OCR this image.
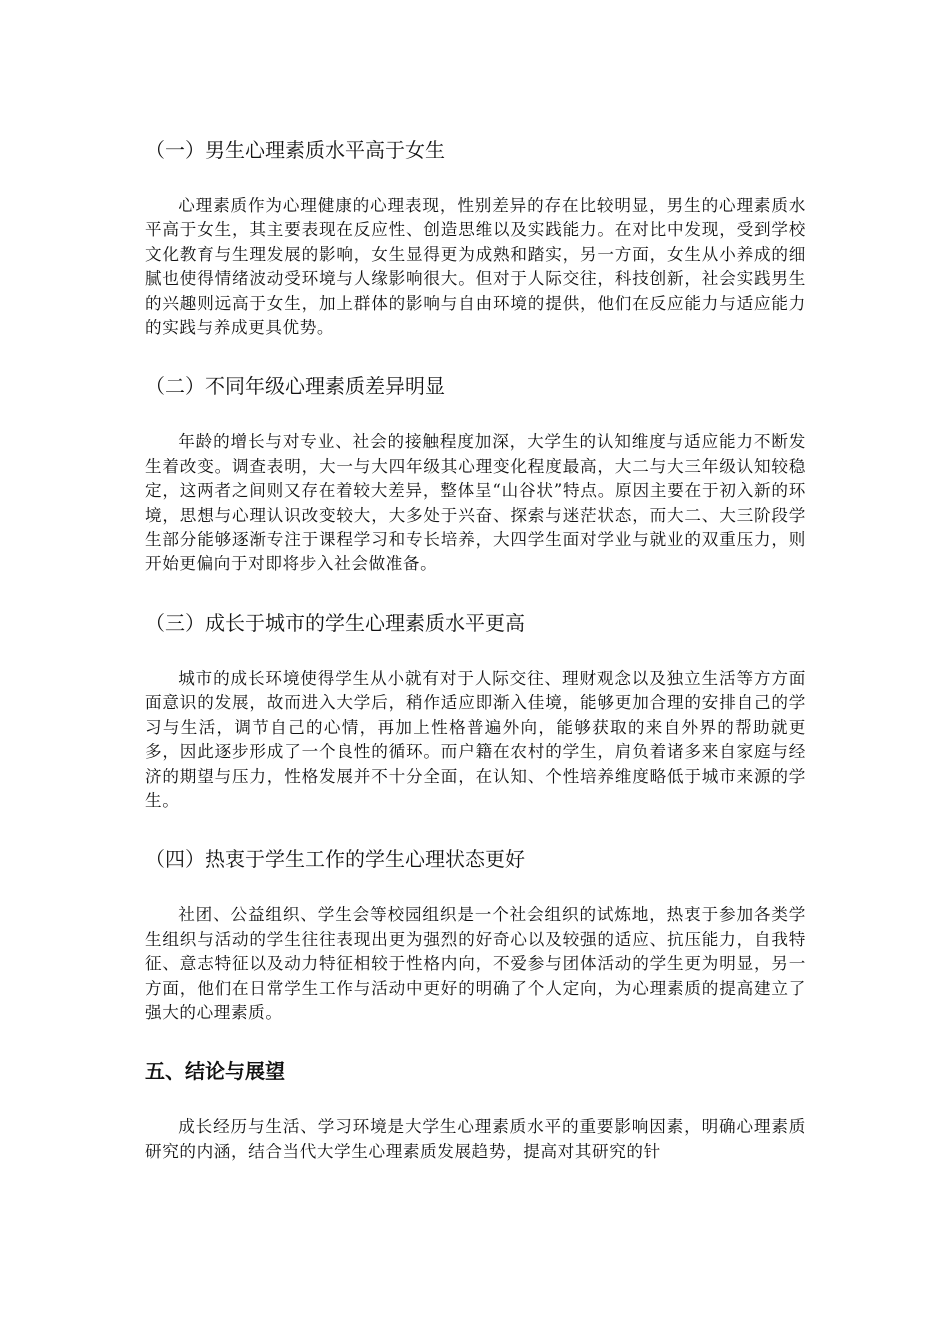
（一）男生心理素质水平高于女生

心理素质作为心理健康的心理表现，性别差异的存在比较明显，男生的心理素质水平高于女生，其主要表现在反应性、创造思维以及实践能力。在对比中发现，受到学校文化教育与生理发展的影响，女生显得更为成熟和踏实，另一方面，女生从小养成的细腻也使得情绪波动受环境与人缘影响很大。但对于人际交往，科技创新，社会实践男生的兴趣则远高于女生，加上群体的影响与自由环境的提供，他们在反应能力与适应能力的实践与养成更具优势。

（二）不同年级心理素质差异明显

年龄的增长与对专业、社会的接触程度加深，大学生的认知维度与适应能力不断发生着改变。调查表明，大一与大四年级其心理变化程度最高，大二与大三年级认知较稳定，这两者之间则又存在着较大差异，整体呈“山谷状”特点。原因主要在于初入新的环境，思想与心理认识改变较大，大多处于兴奋、探索与迷茫状态，而大二、大三阶段学生部分能够逐渐专注于课程学习和专长培养，大四学生面对学业与就业的双重压力，则开始更偏向于对即将步入社会做准备。

（三）成长于城市的学生心理素质水平更高

城市的成长环境使得学生从小就有对于人际交往、理财观念以及独立生活等方方面面意识的发展，故而进入大学后，稍作适应即渐入佳境，能够更加合理的安排自己的学习与生活，调节自己的心情，再加上性格普遍外向，能够获取的来自外界的帮助就更多，因此逐步形成了一个良性的循环。而户籍在农村的学生，肩负着诸多来自家庭与经济的期望与压力，性格发展并不十分全面，在认知、个性培养维度略低于城市来源的学生。

（四）热衷于学生工作的学生心理状态更好

社团、公益组织、学生会等校园组织是一个社会组织的试炼地，热衷于参加各类学生组织与活动的学生往往表现出更为强烈的好奇心以及较强的适应、抗压能力，自我特征、意志特征以及动力特征相较于性格内向，不爱参与团体活动的学生更为明显，另一方面，他们在日常学生工作与活动中更好的明确了个人定向，为心理素质的提高建立了强大的心理素质。

五、结论与展望

成长经历与生活、学习环境是大学生心理素质水平的重要影响因素，明确心理素质研究的内涵，结合当代大学生心理素质发展趋势，提高对其研究的针
